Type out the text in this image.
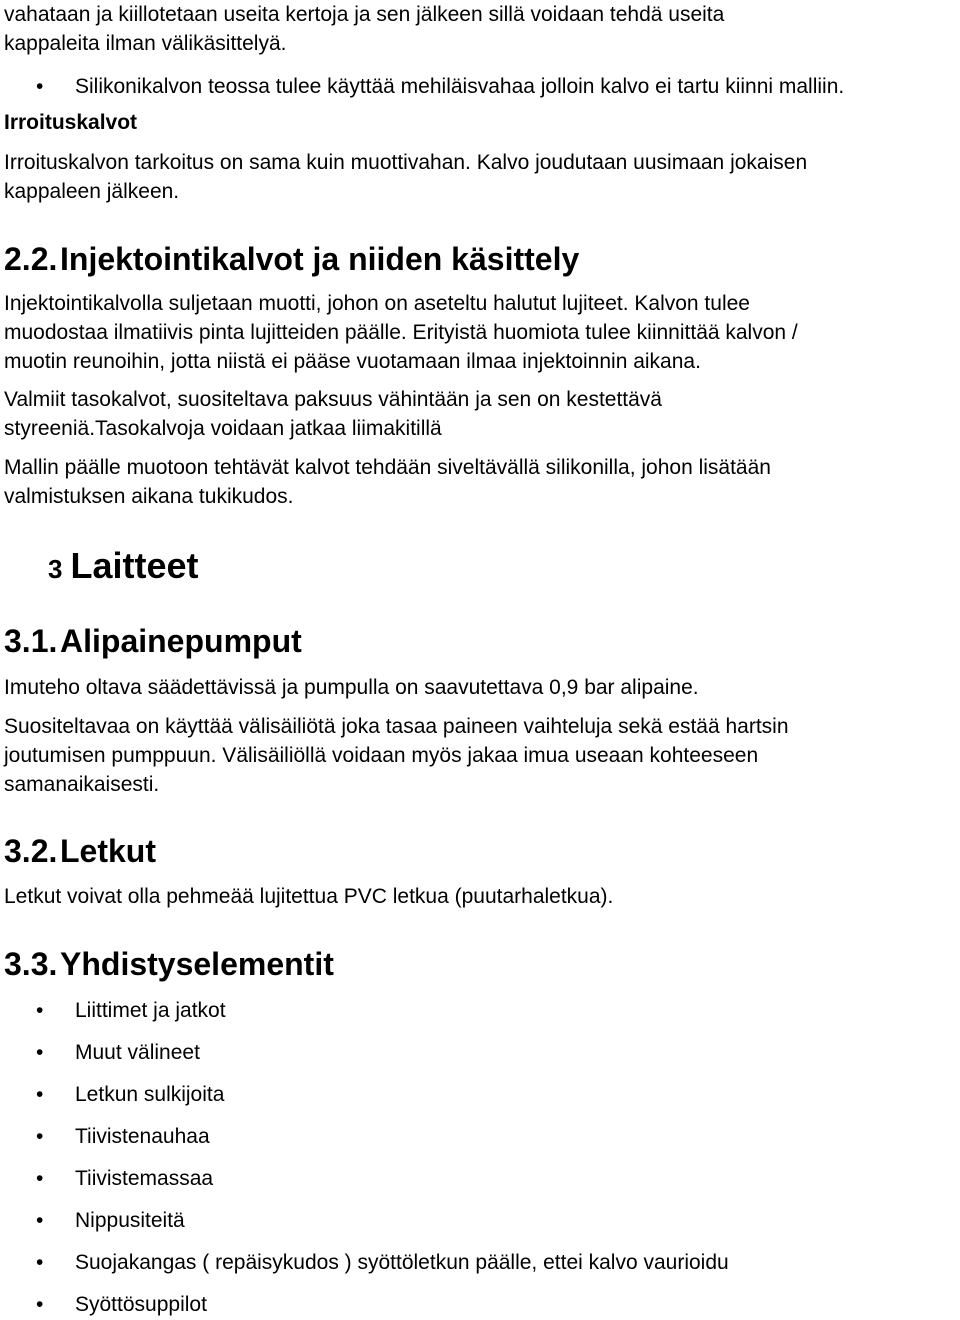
vahataan ja kiillotetaan useita kertoja ja sen jälkeen sillä voidaan tehdä useita
kappaleita ilman välikäsittelyä.

• Silikonikalvon teossa tulee käyttää mehiläisvahaa jolloin kalvo ei tartu kiinni malliin.
Irroituskalvot

Irroituskalvon tarkoitus on sama kuin muottivahan. Kalvo joudutaan uusimaan jokaisen
kappaleen jälkeen.

2.2.Injektointikalvot ja niiden käsittely

Injektointikalvolla suljetaan muotti, johon on aseteltu halutut lujiteet. Kalvon tulee
muodostaa ilmatiivis pinta lujitteiden päälle. Erityistä huomiota tulee kiinnittää kalvon /
muotin reunoihin, jotta niistä ei pääse vuotamaan ilmaa injektoinnin aikana.

Valmiit tasokalvot, suositeltava paksuus vähintään ja sen on kestettävä
styreeniä.Tasokalvoja voidaan jatkaa liimakitillä

Mallin päälle muotoon tehtävät kalvot tehdään siveltävällä silikonilla, johon lisätään
valmistuksen aikana tukikudos.

3 Laitteet
3.1.Alipainepumput

Imuteho oltava säädettävissä ja pumpulla on saavutettava 0,9 bar alipaine.

Suositeltavaa on käyttää välisäiliötä joka tasaa paineen vaihteluja sekä estää hartsin
joutumisen pumppuun. Välisäiliöllä voidaan myös jakaa imua useaan kohteeseen
samanaikaisesti.

3.2.Letkut

Letkut voivat olla pehmeää lujitettua PVC letkua (puutarhaletkua).

3.3.Yhdistyselementit
• Liittimet ja jatkot
• Muut välineet
• Letkun sulkijoita
• Tiivistenauhaa
• Tiivistemassaa
• Nippusiteitä
• Suojakangas ( repäisykudos ) syöttöletkun päälle, ettei kalvo vaurioidu
• Syöttösuppilot
